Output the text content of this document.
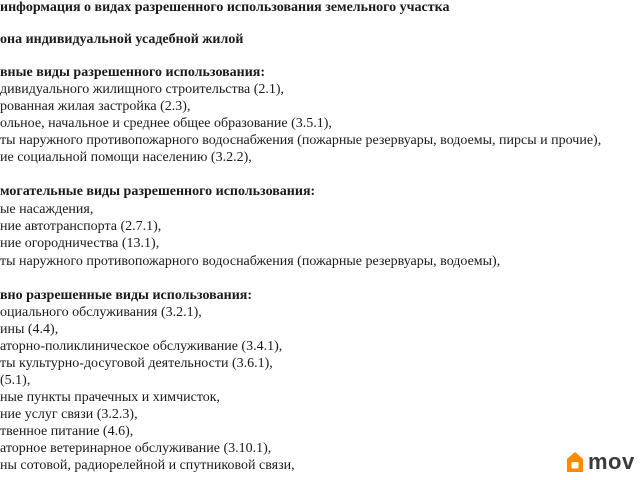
информация о видах разрешенного использования земельного участка
она индивидуальной усадебной жилой
вные виды разрешенного использования:
дивидуального жилищного строительства (2.1),
рованная жилая застройка (2.3),
ольное, начальное и среднее общее образование (3.5.1),
ты наружного противопожарного водоснабжения (пожарные резервуары, водоемы, пирсы и прочие),
ие социальной помощи населению (3.2.2),
могательные виды разрешенного использования:
ые насаждения,
ние автотранспорта (2.7.1),
ние огородничества (13.1),
ты наружного противопожарного водоснабжения (пожарные резервуары, водоемы),
вно разрешенные виды использования:
оциального обслуживания (3.2.1),
ины (4.4),
аторно-поликлиническое обслуживание (3.4.1),
ты культурно-досуговой деятельности (3.6.1),
(5.1),
ные пункты прачечных и химчисток,
ние услуг связи (3.2.3),
твенное питание (4.6),
аторное ветеринарное обслуживание (3.10.1),
ны сотовой, радиорелейной и спутниковой связи,	mov
